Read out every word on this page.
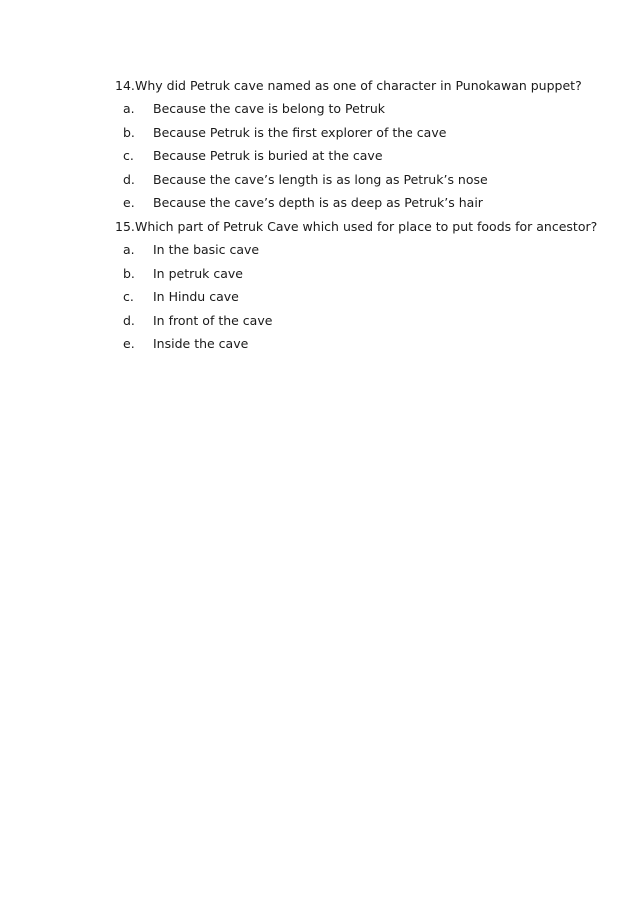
14. Why did Petruk cave named as one of character in Punokawan puppet?
a.	Because the cave is belong to Petruk
b.	Because Petruk is the first explorer of the cave
c.	Because Petruk is buried at the cave
d.	Because the cave’s length is as long as Petruk’s nose
e.	Because the cave’s depth is as deep as Petruk’s hair
15. Which part of Petruk Cave which used for place to put foods for ancestor?
a.	In the basic cave
b.	In petruk cave
c.	In Hindu cave
d.	In front of the cave
e.	Inside the cave
